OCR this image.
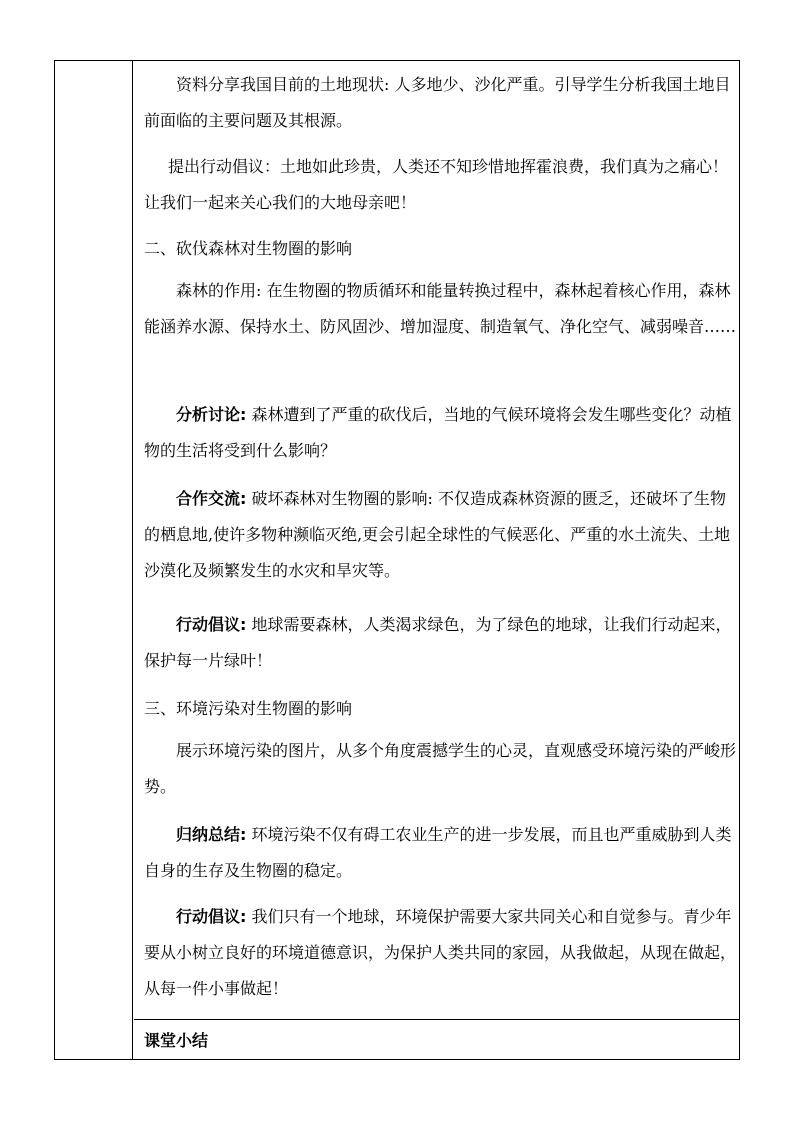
资料分享我国目前的土地现状: 人多地少、沙化严重。引导学生分析我国土地目前面临的主要问题及其根源。
提出行动倡议：土地如此珍贵，人类还不知珍惜地挥霍浪费，我们真为之痛心！让我们一起来关心我们的大地母亲吧！
二、砍伐森林对生物圈的影响
森林的作用: 在生物圈的物质循环和能量转换过程中，森林起着核心作用，森林能涵养水源、保持水土、防风固沙、增加湿度、制造氧气、净化空气、减弱噪音……
分析讨论: 森林遭到了严重的砍伐后，当地的气候环境将会发生哪些变化？动植物的生活将受到什么影响？
合作交流: 破坏森林对生物圈的影响: 不仅造成森林资源的匮乏，还破坏了生物的栖息地,使许多物种濒临灭绝,更会引起全球性的气候恶化、严重的水土流失、土地沙漠化及频繁发生的水灾和旱灾等。
行动倡议: 地球需要森林，人类渴求绿色，为了绿色的地球，让我们行动起来，保护每一片绿叶！
三、环境污染对生物圈的影响
展示环境污染的图片，从多个角度震撼学生的心灵，直观感受环境污染的严峻形势。
归纳总结: 环境污染不仅有碍工农业生产的进一步发展，而且也严重威胁到人类自身的生存及生物圈的稳定。
行动倡议: 我们只有一个地球，环境保护需要大家共同关心和自觉参与。青少年要从小树立良好的环境道德意识，为保护人类共同的家园，从我做起，从现在做起，从每一件小事做起！
课堂小结
